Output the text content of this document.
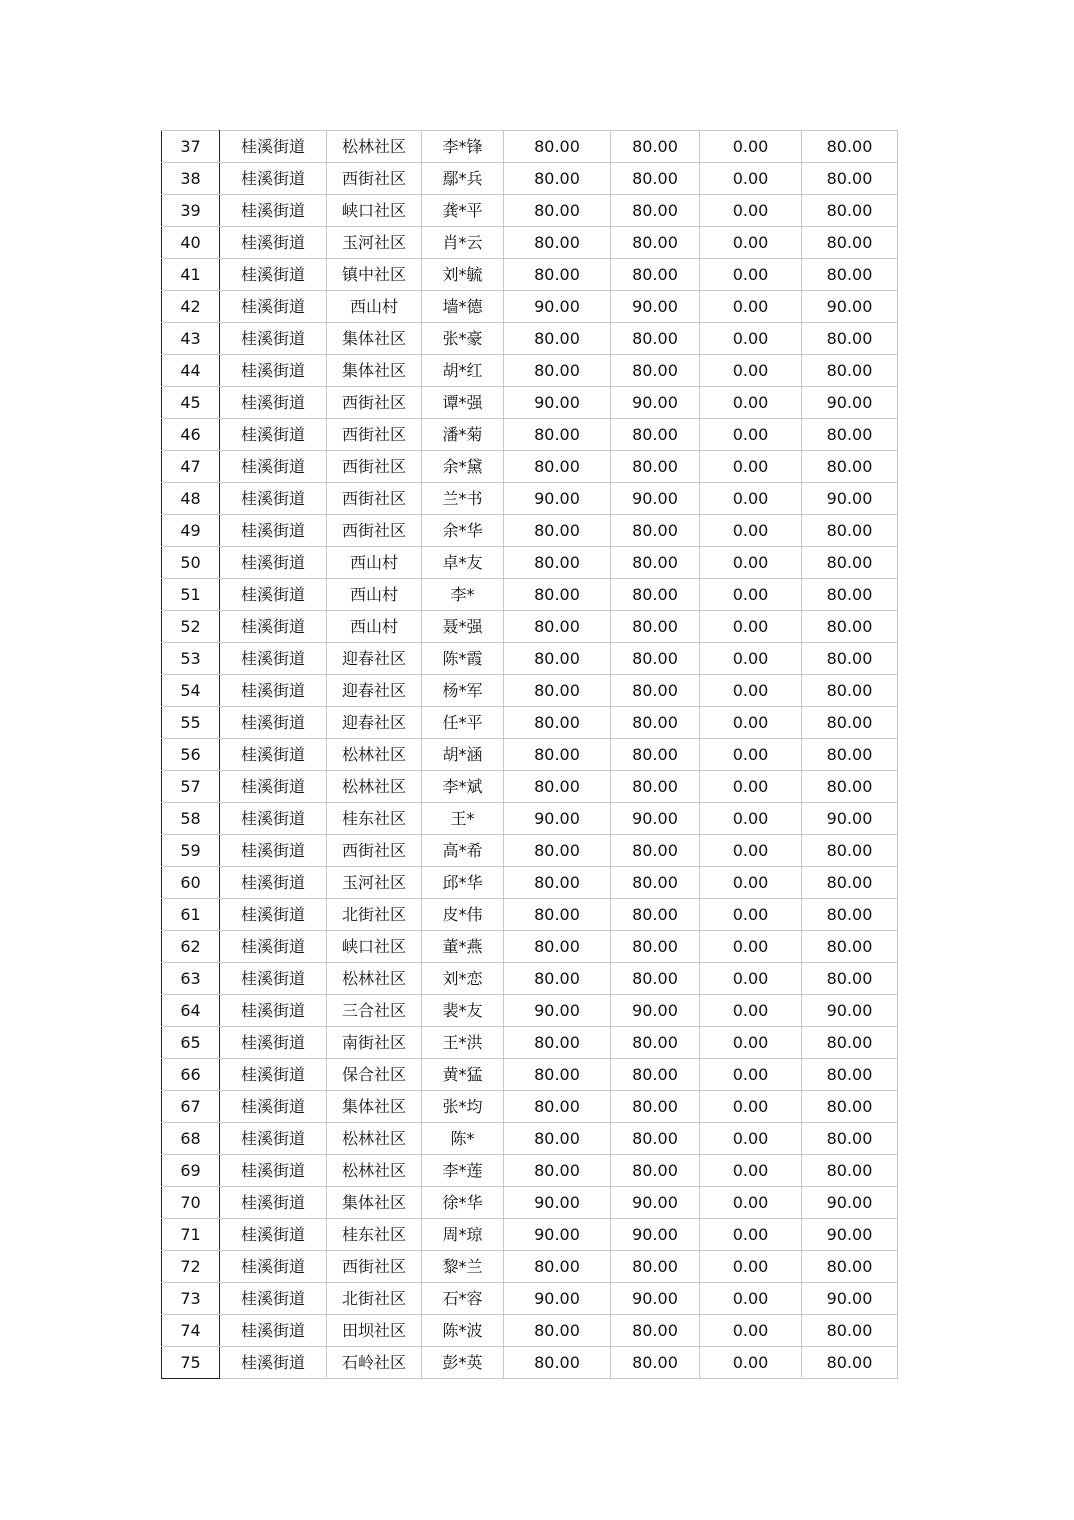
37	桂溪街道	松林社区	李*锋	80.00	80.00	0.00	80.00
38	桂溪街道	西街社区	鄢*兵	80.00	80.00	0.00	80.00
39	桂溪街道	峡口社区	龚*平	80.00	80.00	0.00	80.00
40	桂溪街道	玉河社区	肖*云	80.00	80.00	0.00	80.00
41	桂溪街道	镇中社区	刘*毓	80.00	80.00	0.00	80.00
42	桂溪街道	西山村	墙*德	90.00	90.00	0.00	90.00
43	桂溪街道	集体社区	张*豪	80.00	80.00	0.00	80.00
44	桂溪街道	集体社区	胡*红	80.00	80.00	0.00	80.00
45	桂溪街道	西街社区	谭*强	90.00	90.00	0.00	90.00
46	桂溪街道	西街社区	潘*菊	80.00	80.00	0.00	80.00
47	桂溪街道	西街社区	余*黛	80.00	80.00	0.00	80.00
48	桂溪街道	西街社区	兰*书	90.00	90.00	0.00	90.00
49	桂溪街道	西街社区	余*华	80.00	80.00	0.00	80.00
50	桂溪街道	西山村	卓*友	80.00	80.00	0.00	80.00
51	桂溪街道	西山村	李*	80.00	80.00	0.00	80.00
52	桂溪街道	西山村	聂*强	80.00	80.00	0.00	80.00
53	桂溪街道	迎春社区	陈*霞	80.00	80.00	0.00	80.00
54	桂溪街道	迎春社区	杨*军	80.00	80.00	0.00	80.00
55	桂溪街道	迎春社区	任*平	80.00	80.00	0.00	80.00
56	桂溪街道	松林社区	胡*涵	80.00	80.00	0.00	80.00
57	桂溪街道	松林社区	李*斌	80.00	80.00	0.00	80.00
58	桂溪街道	桂东社区	王*	90.00	90.00	0.00	90.00
59	桂溪街道	西街社区	高*希	80.00	80.00	0.00	80.00
60	桂溪街道	玉河社区	邱*华	80.00	80.00	0.00	80.00
61	桂溪街道	北街社区	皮*伟	80.00	80.00	0.00	80.00
62	桂溪街道	峡口社区	董*燕	80.00	80.00	0.00	80.00
63	桂溪街道	松林社区	刘*恋	80.00	80.00	0.00	80.00
64	桂溪街道	三合社区	裴*友	90.00	90.00	0.00	90.00
65	桂溪街道	南街社区	王*洪	80.00	80.00	0.00	80.00
66	桂溪街道	保合社区	黄*猛	80.00	80.00	0.00	80.00
67	桂溪街道	集体社区	张*均	80.00	80.00	0.00	80.00
68	桂溪街道	松林社区	陈*	80.00	80.00	0.00	80.00
69	桂溪街道	松林社区	李*莲	80.00	80.00	0.00	80.00
70	桂溪街道	集体社区	徐*华	90.00	90.00	0.00	90.00
71	桂溪街道	桂东社区	周*琼	90.00	90.00	0.00	90.00
72	桂溪街道	西街社区	黎*兰	80.00	80.00	0.00	80.00
73	桂溪街道	北街社区	石*容	90.00	90.00	0.00	90.00
74	桂溪街道	田坝社区	陈*波	80.00	80.00	0.00	80.00
75	桂溪街道	石岭社区	彭*英	80.00	80.00	0.00	80.00
